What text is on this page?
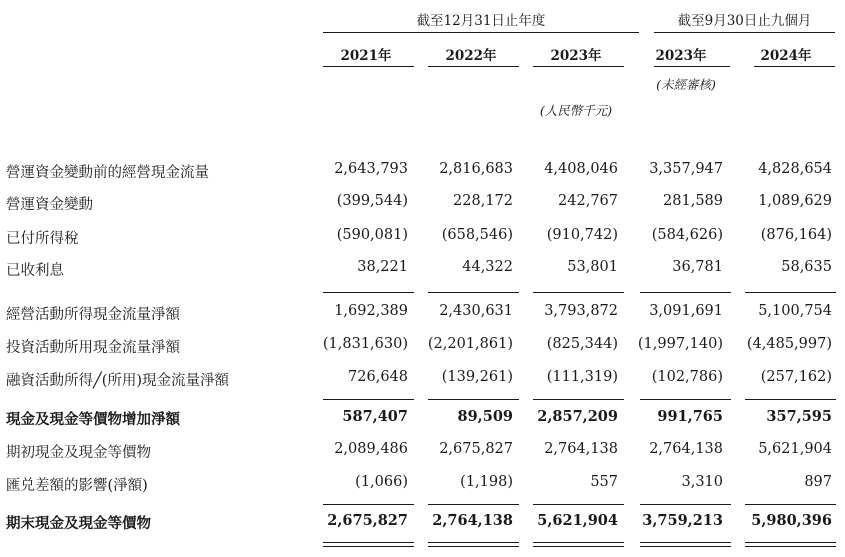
截至12月31日止年度	截至9月30日止九個月
2021年	2022年	2023年	2023年	2024年
(未經審核)
(人民幣千元)
營運資金變動前的經營現金流量	2,643,793	2,816,683	4,408,046	3,357,947	4,828,654
營運資金變動	(399,544)	228,172	242,767	281,589	1,089,629
已付所得稅	(590,081)	(658,546)	(910,742)	(584,626)	(876,164)
已收利息	38,221	44,322	53,801	36,781	58,635
經營活動所得現金流量淨額	1,692,389	2,430,631	3,793,872	3,091,691	5,100,754
投資活動所用現金流量淨額	(1,831,630)	(2,201,861)	(825,344)	(1,997,140)	(4,485,997)
融資活動所得╱(所用)現金流量淨額	726,648	(139,261)	(111,319)	(102,786)	(257,162)
現金及現金等價物增加淨額	587,407	89,509	2,857,209	991,765	357,595
期初現金及現金等價物	2,089,486	2,675,827	2,764,138	2,764,138	5,621,904
匯兑差額的影響(淨額)	(1,066)	(1,198)	557	3,310	897
期末現金及現金等價物	2,675,827	2,764,138	5,621,904	3,759,213	5,980,396
